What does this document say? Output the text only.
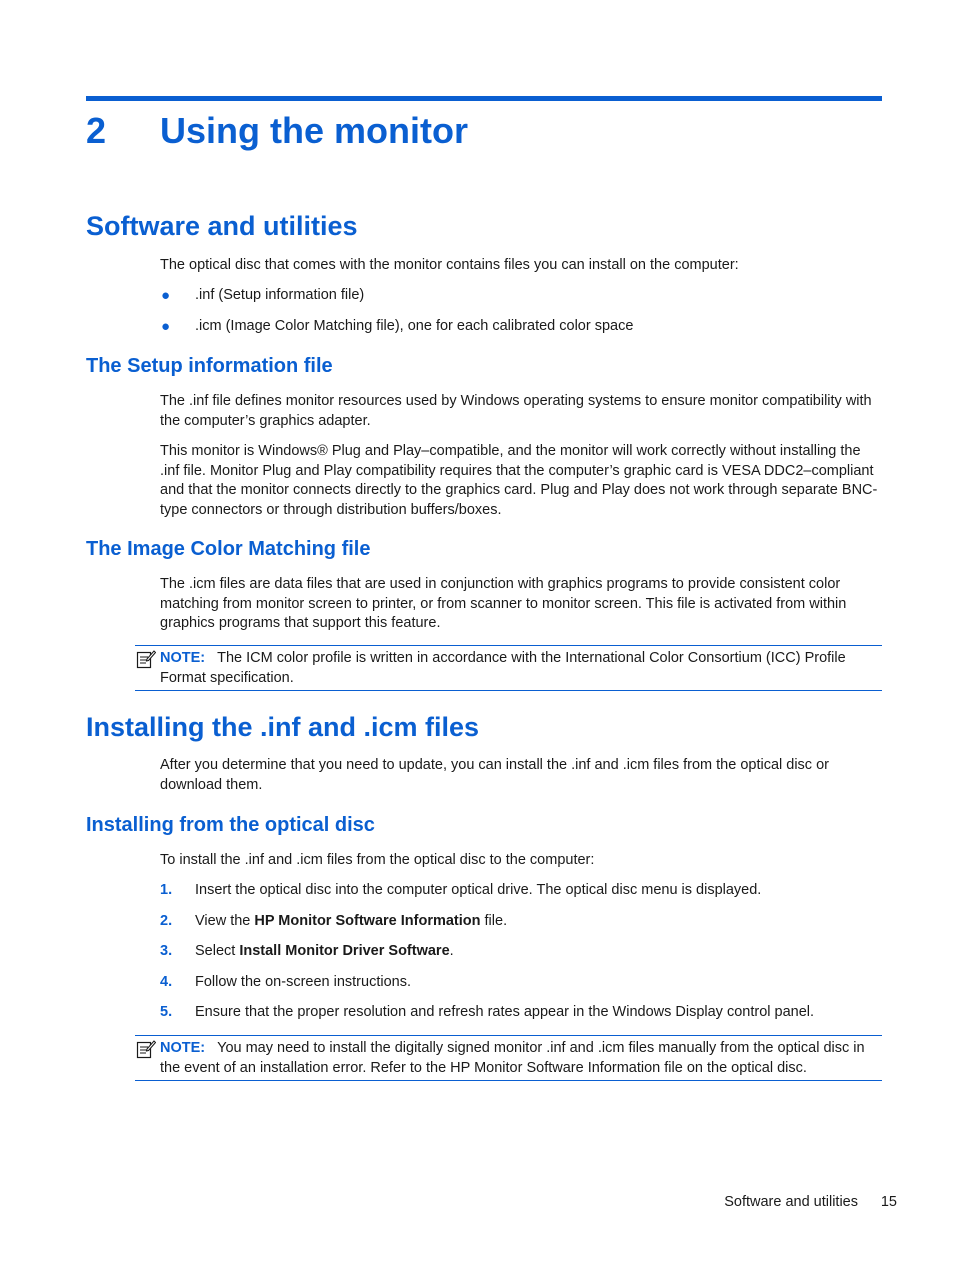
2 Using the monitor
Software and utilities
The optical disc that comes with the monitor contains files you can install on the computer:
● .inf (Setup information file)
● .icm (Image Color Matching file), one for each calibrated color space
The Setup information file
The .inf file defines monitor resources used by Windows operating systems to ensure monitor compatibility with the computer’s graphics adapter.
This monitor is Windows® Plug and Play–compatible, and the monitor will work correctly without installing the .inf file. Monitor Plug and Play compatibility requires that the computer’s graphic card is VESA DDC2–compliant and that the monitor connects directly to the graphics card. Plug and Play does not work through separate BNC-type connectors or through distribution buffers/boxes.
The Image Color Matching file
The .icm files are data files that are used in conjunction with graphics programs to provide consistent color matching from monitor screen to printer, or from scanner to monitor screen. This file is activated from within graphics programs that support this feature.
NOTE: The ICM color profile is written in accordance with the International Color Consortium (ICC) Profile Format specification.
Installing the .inf and .icm files
After you determine that you need to update, you can install the .inf and .icm files from the optical disc or download them.
Installing from the optical disc
To install the .inf and .icm files from the optical disc to the computer:
1. Insert the optical disc into the computer optical drive. The optical disc menu is displayed.
2. View the HP Monitor Software Information file.
3. Select Install Monitor Driver Software.
4. Follow the on-screen instructions.
5. Ensure that the proper resolution and refresh rates appear in the Windows Display control panel.
NOTE: You may need to install the digitally signed monitor .inf and .icm files manually from the optical disc in the event of an installation error. Refer to the HP Monitor Software Information file on the optical disc.
Software and utilities 15
